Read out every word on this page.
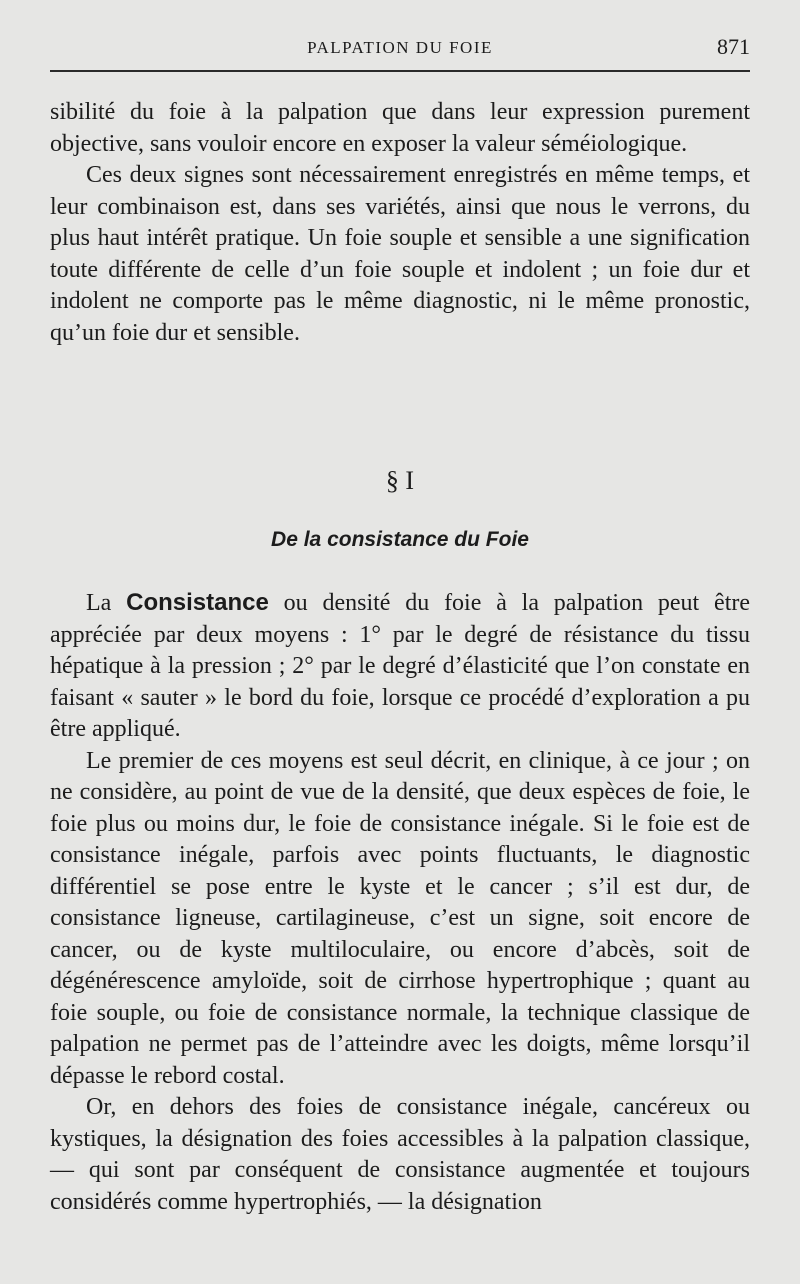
PALPATION DU FOIE	871

sibilité du foie à la palpation que dans leur expression purement objective, sans vouloir encore en exposer la valeur séméiologique.

Ces deux signes sont nécessairement enregistrés en même temps, et leur combinaison est, dans ses variétés, ainsi que nous le verrons, du plus haut intérêt pratique. Un foie souple et sensible a une signification toute différente de celle d’un foie souple et indolent ; un foie dur et indolent ne comporte pas le même diagnostic, ni le même pronostic, qu’un foie dur et sensible.

§ I
De la consistance du Foie

La Consistance ou densité du foie à la palpation peut être appréciée par deux moyens : 1° par le degré de résistance du tissu hépatique à la pression ; 2° par le degré d’élasticité que l’on constate en faisant « sauter » le bord du foie, lorsque ce procédé d’exploration a pu être appliqué.

Le premier de ces moyens est seul décrit, en clinique, à ce jour ; on ne considère, au point de vue de la densité, que deux espèces de foie, le foie plus ou moins dur, le foie de consistance inégale. Si le foie est de consistance inégale, parfois avec points fluctuants, le diagnostic différentiel se pose entre le kyste et le cancer ; s’il est dur, de consistance ligneuse, cartilagineuse, c’est un signe, soit encore de cancer, ou de kyste multiloculaire, ou encore d’abcès, soit de dégénérescence amyloïde, soit de cirrhose hypertrophique ; quant au foie souple, ou foie de consistance normale, la technique classique de palpation ne permet pas de l’atteindre avec les doigts, même lorsqu’il dépasse le rebord costal.

Or, en dehors des foies de consistance inégale, cancéreux ou kystiques, la désignation des foies accessibles à la palpation classique, — qui sont par conséquent de consistance augmentée et toujours considérés comme hypertrophiés, — la désignation
